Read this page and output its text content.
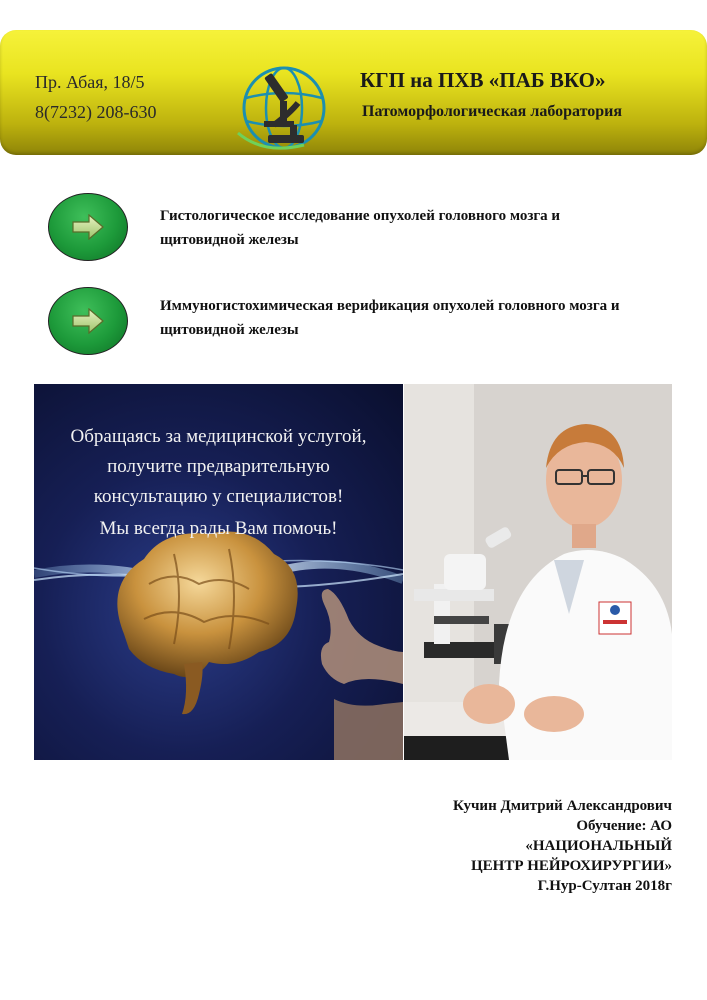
Пр. Абая, 18/5
8(7232) 208-630
КГП на ПХВ «ПАБ ВКО»
Патоморфологическая лаборатория
Гистологическое исследование опухолей головного мозга и
щитовидной железы
Иммуногистохимическая верификация опухолей головного мозга и
щитовидной железы
Обращаясь за медицинской услугой,
получите предварительную
консультацию у специалистов!
Мы всегда рады Вам помочь!
Кучин Дмитрий Александрович
Обучение: АО
«НАЦИОНАЛЬНЫЙ
ЦЕНТР НЕЙРОХИРУРГИИ»
Г.Нур-Султан 2018г
